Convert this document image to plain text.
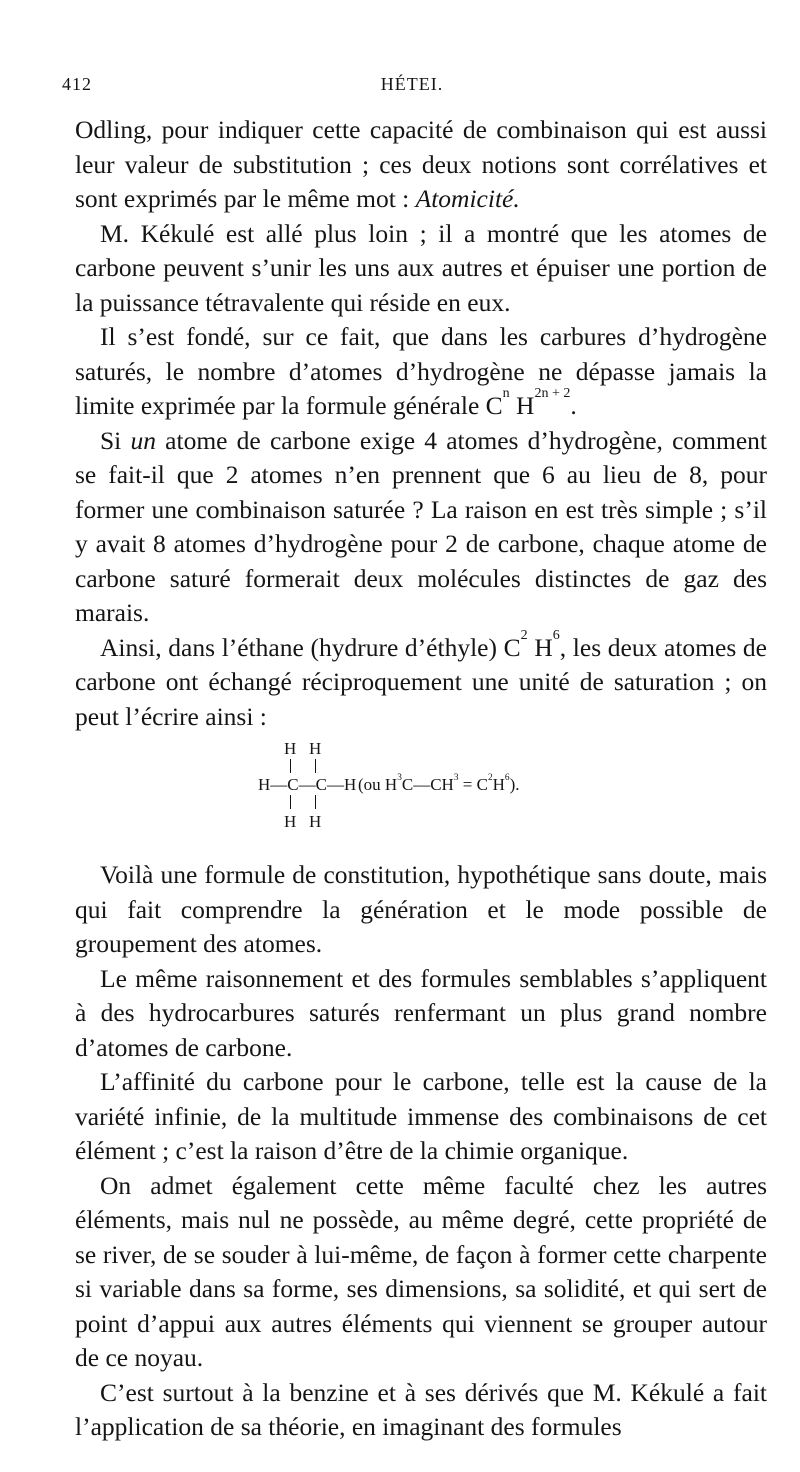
412	HÉTEI.

Odling, pour indiquer cette capacité de combinaison qui est aussi leur valeur de substitution ; ces deux notions sont corrélatives et sont exprimés par le même mot : Atomicité.

M. Kékulé est allé plus loin ; il a montré que les atomes de carbone peuvent s’unir les uns aux autres et épuiser une portion de la puissance tétravalente qui réside en eux.

Il s’est fondé, sur ce fait, que dans les carbures d’hydrogène saturés, le nombre d’atomes d’hydrogène ne dépasse jamais la limite exprimée par la formule générale $C^n$ $H^{2n + 2}$.

Si un atome de carbone exige 4 atomes d’hydrogène, comment se fait-il que 2 atomes n’en prennent que 6 au lieu de 8, pour former une combinaison saturée ? La raison en est très simple ; s’il y avait 8 atomes d’hydrogène pour 2 de carbone, chaque atome de carbone saturé formerait deux molécules distinctes de gaz des marais.

Ainsi, dans l’éthane (hydrure d’éthyle) $C^2$ $H^6$, les deux atomes de carbone ont échangé réciproquement une unité de saturation ; on peut l’écrire ainsi :

H H
H—C—C—H (ou $H^3C—CH^3 = C^2H^6$).
H H

Voilà une formule de constitution, hypothétique sans doute, mais qui fait comprendre la génération et le mode possible de groupement des atomes.

Le même raisonnement et des formules semblables s’appliquent à des hydrocarbures saturés renfermant un plus grand nombre d’atomes de carbone.

L’affinité du carbone pour le carbone, telle est la cause de la variété infinie, de la multitude immense des combinaisons de cet élément ; c’est la raison d’être de la chimie organique.

On admet également cette même faculté chez les autres éléments, mais nul ne possède, au même degré, cette propriété de se river, de se souder à lui-même, de façon à former cette charpente si variable dans sa forme, ses dimensions, sa solidité, et qui sert de point d’appui aux autres éléments qui viennent se grouper autour de ce noyau.

C’est surtout à la benzine et à ses dérivés que M. Kékulé a fait l’application de sa théorie, en imaginant des formules
